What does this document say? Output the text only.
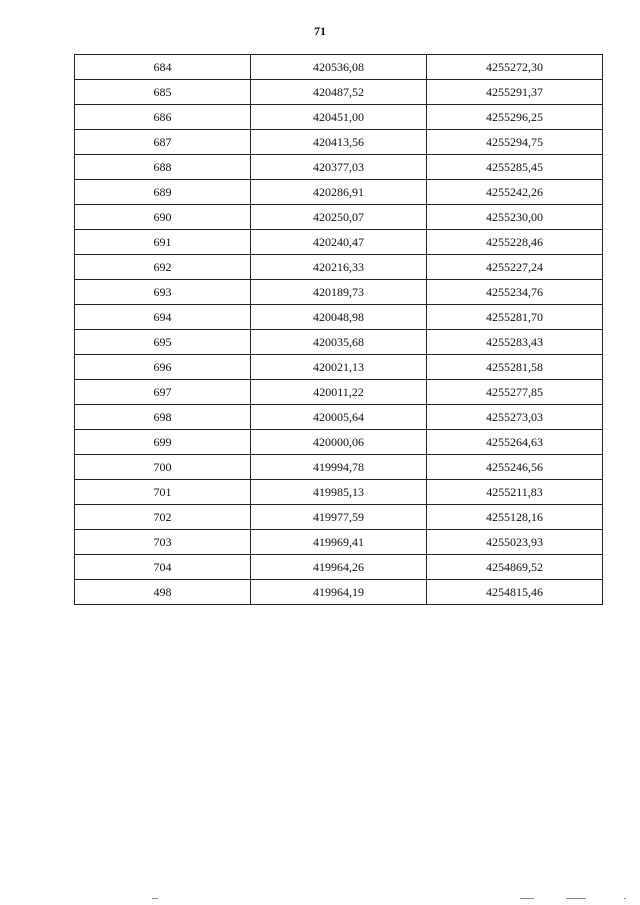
71
684	420536,08	4255272,30
685	420487,52	4255291,37
686	420451,00	4255296,25
687	420413,56	4255294,75
688	420377,03	4255285,45
689	420286,91	4255242,26
690	420250,07	4255230,00
691	420240,47	4255228,46
692	420216,33	4255227,24
693	420189,73	4255234,76
694	420048,98	4255281,70
695	420035,68	4255283,43
696	420021,13	4255281,58
697	420011,22	4255277,85
698	420005,64	4255273,03
699	420000,06	4255264,63
700	419994,78	4255246,56
701	419985,13	4255211,83
702	419977,59	4255128,16
703	419969,41	4255023,93
704	419964,26	4254869,52
498	419964,19	4254815,46
